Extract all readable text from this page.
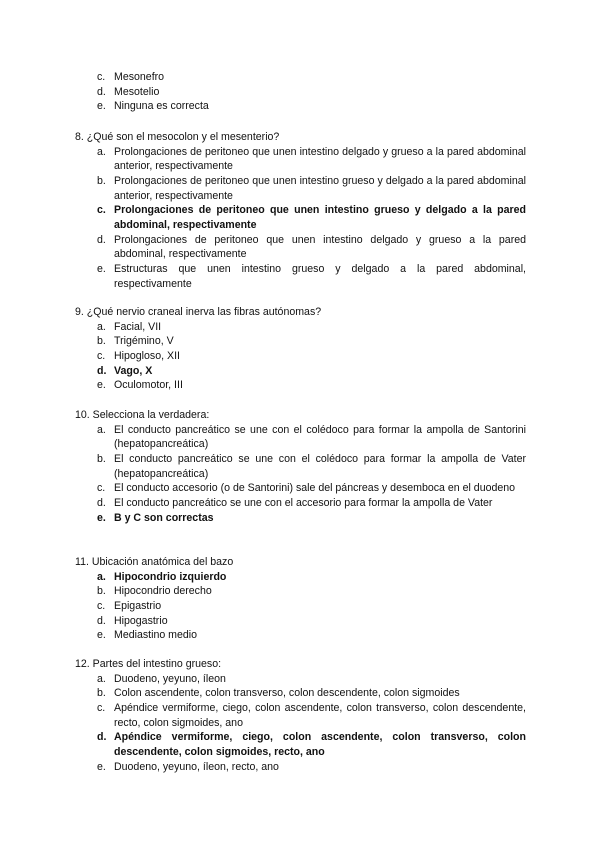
c. Mesonefro
d. Mesotelio
e. Ninguna es correcta
8. ¿Qué son el mesocolon y el mesenterio?
a. Prolongaciones de peritoneo que unen intestino delgado y grueso a la pared abdominal anterior, respectivamente
b. Prolongaciones de peritoneo que unen intestino grueso y delgado a la pared abdominal anterior, respectivamente
c. Prolongaciones de peritoneo que unen intestino grueso y delgado a la pared abdominal, respectivamente
d. Prolongaciones de peritoneo que unen intestino delgado y grueso a la pared abdominal, respectivamente
e. Estructuras que unen intestino grueso y delgado a la pared abdominal, respectivamente
9. ¿Qué nervio craneal inerva las fibras autónomas?
a. Facial, VII
b. Trigémino, V
c. Hipogloso, XII
d. Vago, X
e. Oculomotor, III
10. Selecciona la verdadera:
a. El conducto pancreático se une con el colédoco para formar la ampolla de Santorini (hepatopancreática)
b. El conducto pancreático se une con el colédoco para formar la ampolla de Vater (hepatopancreática)
c. El conducto accesorio (o de Santorini) sale del páncreas y desemboca en el duodeno
d. El conducto pancreático se une con el accesorio para formar la ampolla de Vater
e. B y C son correctas
11. Ubicación anatómica del bazo
a. Hipocondrio izquierdo
b. Hipocondrio derecho
c. Epigastrio
d. Hipogastrio
e. Mediastino medio
12. Partes del intestino grueso:
a. Duodeno, yeyuno, íleon
b. Colon ascendente, colon transverso, colon descendente, colon sigmoides
c. Apéndice vermiforme, ciego, colon ascendente, colon transverso, colon descendente, recto, colon sigmoides, ano
d. Apéndice vermiforme, ciego, colon ascendente, colon transverso, colon descendente, colon sigmoides, recto, ano
e. Duodeno, yeyuno, íleon, recto, ano
